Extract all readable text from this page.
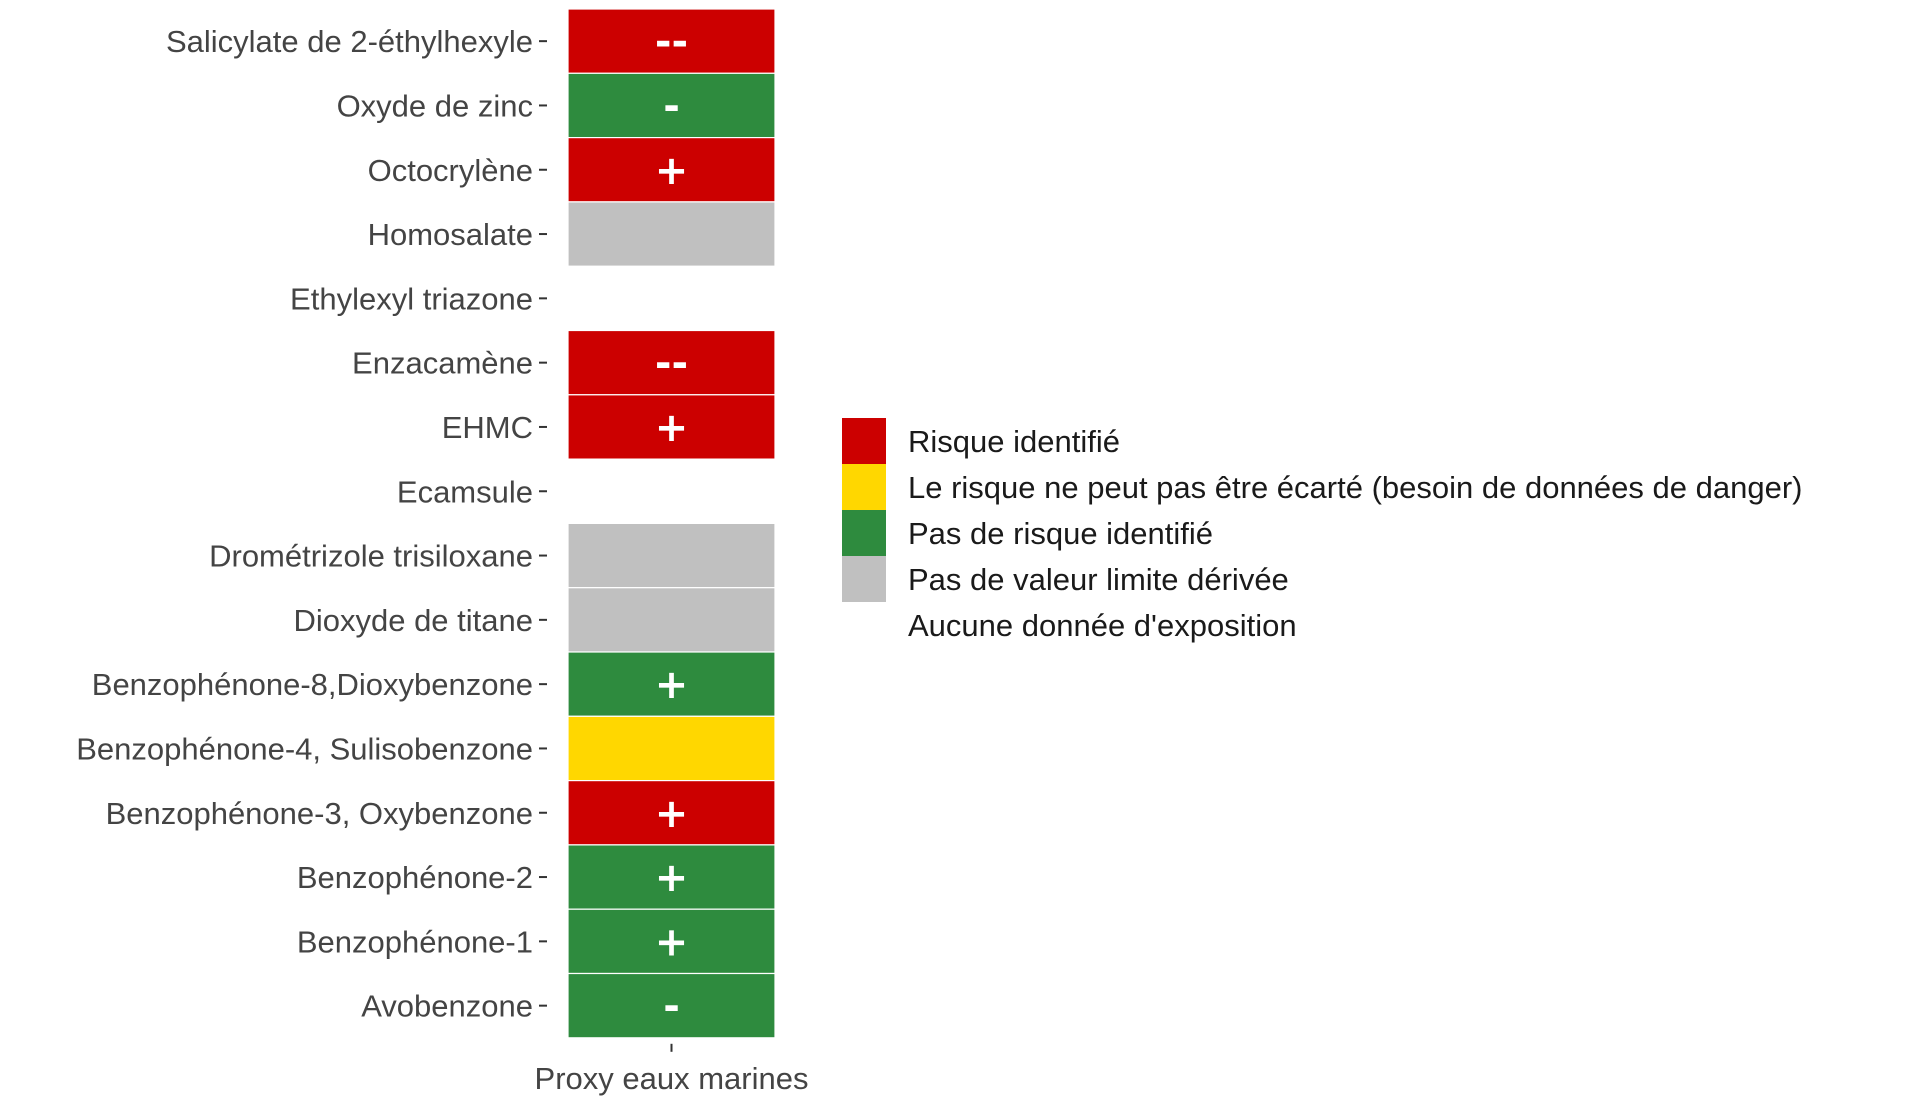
--
-
+
--
+
+
+
+
+
-
Salicylate de 2-éthylhexyle
Oxyde de zinc
Octocrylène
Homosalate
Ethylexyl triazone
Enzacamène
EHMC
Ecamsule
Drométrizole trisiloxane
Dioxyde de titane
Benzophénone-8,Dioxybenzone
Benzophénone-4, Sulisobenzone
Benzophénone-3, Oxybenzone
Benzophénone-2
Benzophénone-1
Avobenzone
Proxy eaux marines
Risque identifié
Le risque ne peut pas être écarté (besoin de données de danger)
Pas de risque identifié
Pas de valeur limite dérivée
Aucune donnée d'exposition
